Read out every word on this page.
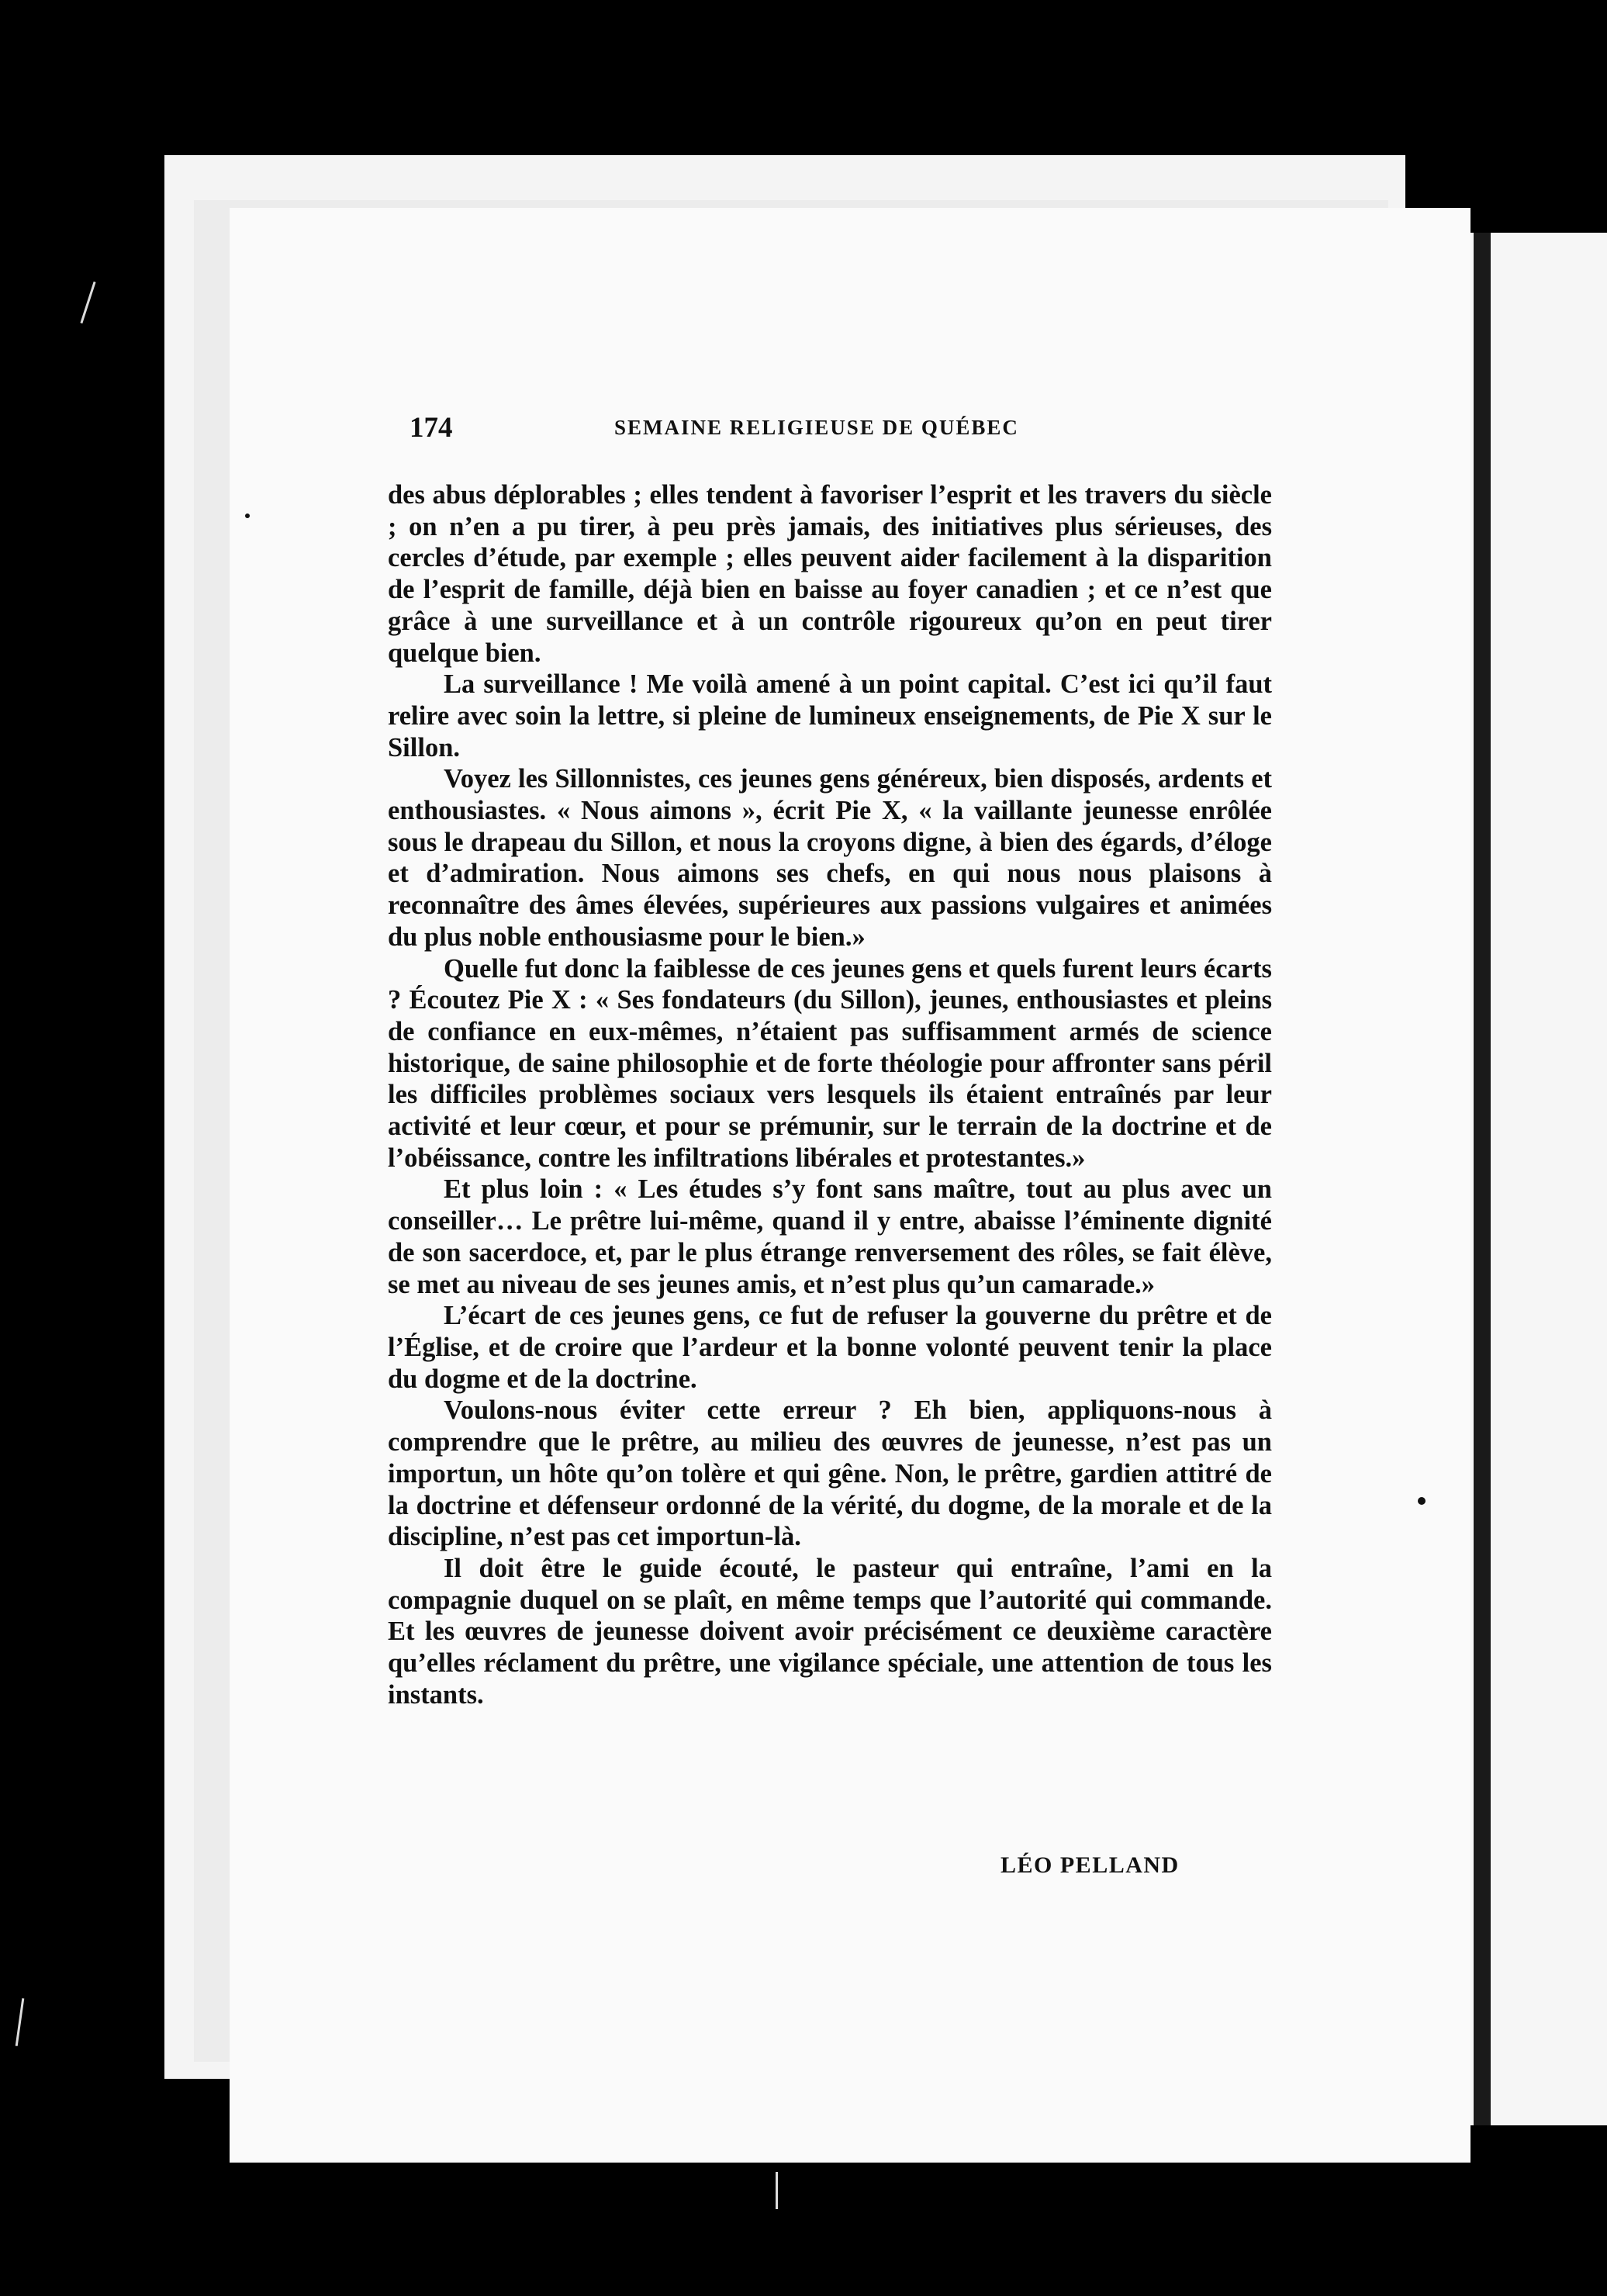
174	SEMAINE RELIGIEUSE DE QUÉBEC

des abus déplorables ; elles tendent à favoriser l’esprit et les travers du siècle ; on n’en a pu tirer, à peu près jamais, des initiatives plus sérieuses, des cercles d’étude, par exemple ; elles peuvent aider facilement à la disparition de l’esprit de famille, déjà bien en baisse au foyer canadien ; et ce n’est que grâce à une surveillance et à un contrôle rigoureux qu’on en peut tirer quelque bien.

La surveillance ! Me voilà amené à un point capital. C’est ici qu’il faut relire avec soin la lettre, si pleine de lumineux enseignements, de Pie X sur le Sillon.

Voyez les Sillonnistes, ces jeunes gens généreux, bien disposés, ardents et enthousiastes. « Nous aimons », écrit Pie X, « la vaillante jeunesse enrôlée sous le drapeau du Sillon, et nous la croyons digne, à bien des égards, d’éloge et d’admiration. Nous aimons ses chefs, en qui nous nous plaisons à reconnaître des âmes élevées, supérieures aux passions vulgaires et animées du plus noble enthousiasme pour le bien.»

Quelle fut donc la faiblesse de ces jeunes gens et quels furent leurs écarts ? Écoutez Pie X : « Ses fondateurs (du Sillon), jeunes, enthousiastes et pleins de confiance en eux-mêmes, n’étaient pas suffisamment armés de science historique, de saine philosophie et de forte théologie pour affronter sans péril les difficiles problèmes sociaux vers lesquels ils étaient entraînés par leur activité et leur cœur, et pour se prémunir, sur le terrain de la doctrine et de l’obéissance, contre les infiltrations libérales et protestantes.»

Et plus loin : « Les études s’y font sans maître, tout au plus avec un conseiller… Le prêtre lui-même, quand il y entre, abaisse l’éminente dignité de son sacerdoce, et, par le plus étrange renversement des rôles, se fait élève, se met au niveau de ses jeunes amis, et n’est plus qu’un camarade.»

L’écart de ces jeunes gens, ce fut de refuser la gouverne du prêtre et de l’Église, et de croire que l’ardeur et la bonne volonté peuvent tenir la place du dogme et de la doctrine.

Voulons-nous éviter cette erreur ? Eh bien, appliquons-nous à comprendre que le prêtre, au milieu des œuvres de jeunesse, n’est pas un importun, un hôte qu’on tolère et qui gêne. Non, le prêtre, gardien attitré de la doctrine et défenseur ordonné de la vérité, du dogme, de la morale et de la discipline, n’est pas cet importun-là.

Il doit être le guide écouté, le pasteur qui entraîne, l’ami en la compagnie duquel on se plaît, en même temps que l’autorité qui commande. Et les œuvres de jeunesse doivent avoir précisément ce deuxième caractère qu’elles réclament du prêtre, une vigilance spéciale, une attention de tous les instants.

LÉO PELLAND
